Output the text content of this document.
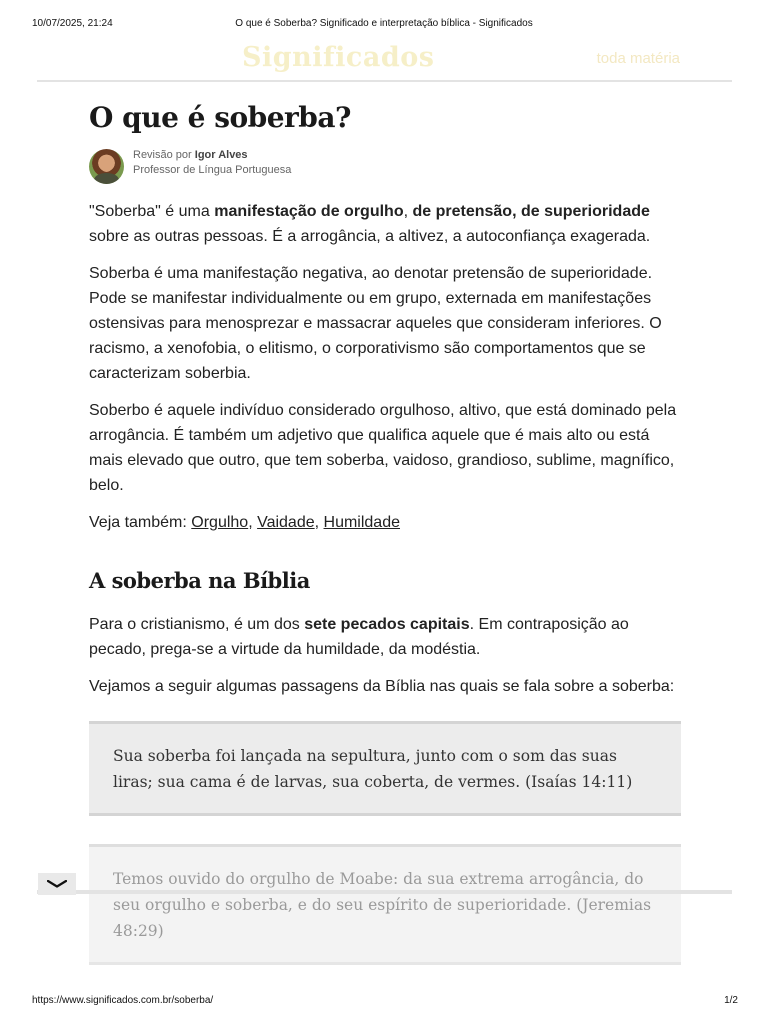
10/07/2025, 21:24	O que é Soberba? Significado e interpretação bíblica - Significados
Significados	toda matéria
O que é soberba?
Revisão por Igor Alves
Professor de Língua Portuguesa

"Soberba" é uma manifestação de orgulho, de pretensão, de superioridade sobre as outras pessoas. É a arrogância, a altivez, a autoconfiança exagerada.

Soberba é uma manifestação negativa, ao denotar pretensão de superioridade. Pode se manifestar individualmente ou em grupo, externada em manifestações ostensivas para menosprezar e massacrar aqueles que consideram inferiores. O racismo, a xenofobia, o elitismo, o corporativismo são comportamentos que se caracterizam soberbia.

Soberbo é aquele indivíduo considerado orgulhoso, altivo, que está dominado pela arrogância. É também um adjetivo que qualifica aquele que é mais alto ou está mais elevado que outro, que tem soberba, vaidoso, grandioso, sublime, magnífico, belo.

Veja também: Orgulho, Vaidade, Humildade

A soberba na Bíblia

Para o cristianismo, é um dos sete pecados capitais. Em contraposição ao pecado, prega-se a virtude da humildade, da modéstia.

Vejamos a seguir algumas passagens da Bíblia nas quais se fala sobre a soberba:

Sua soberba foi lançada na sepultura, junto com o som das suas liras; sua cama é de larvas, sua coberta, de vermes. (Isaías 14:11)
Temos ouvido do orgulho de Moabe: da sua extrema arrogância, do seu orgulho e soberba, e do seu espírito de superioridade. (Jeremias 48:29)
https://www.significados.com.br/soberba/	1/2
